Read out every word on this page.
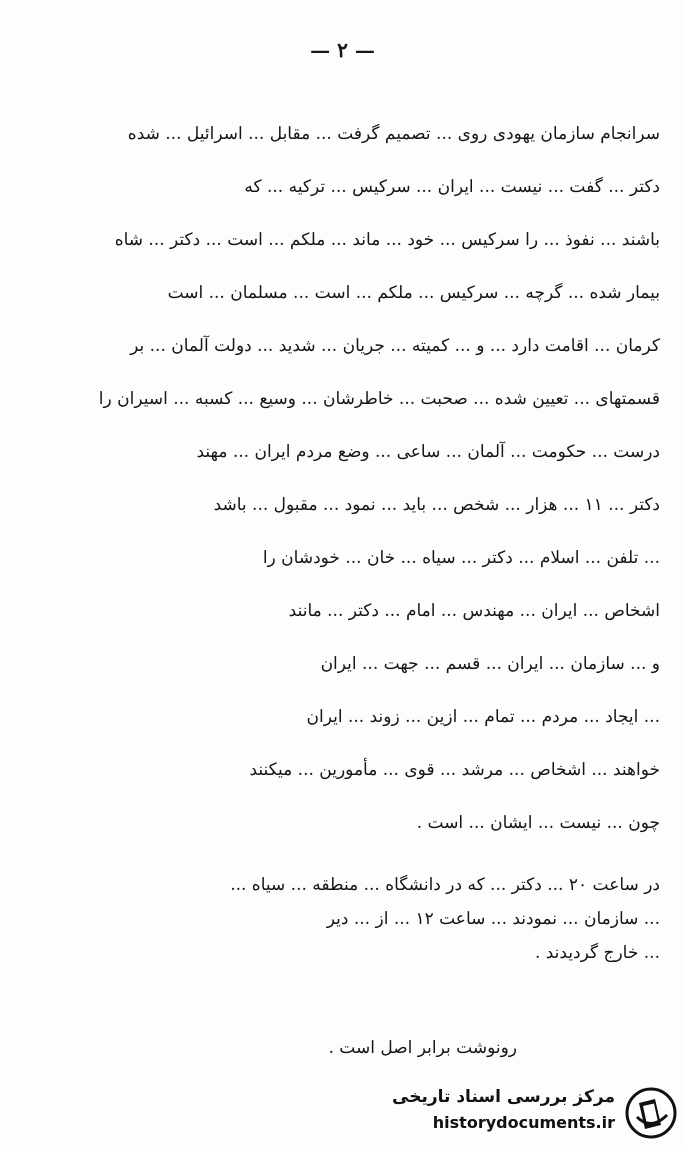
— ۲ —
سرانجام سازمان یهودی روی ... تصمیم گرفت ... مقابل ... اسرائیل ... شده
دکتر ... گفت ... نیست ... ایران ... سرکیس ... ترکیه ... که
باشند ... نفوذ ... را سرکیس ... خود ... ماند ... ملکم ... است ... دکتر ... شاه
بیمار شده ... گرچه ... سرکیس ... ملکم ... است ... مسلمان ... است
کرمان ... اقامت دارد ... و ... کمیته ... جریان ... شدید ... دولت آلمان ... بر
قسمتهای ... تعیین شده ... صحبت ... خاطرشان ... وسیع ... کسبه ... اسیران را
درست ... حکومت ... آلمان ... ساعی ... وضع مردم ایران ... مهند
دکتر ... ۱۱ ... هزار ... شخص ... باید ... نمود ... مقبول ... باشد
... تلفن ... اسلام ... دکتر ... سیاه ... خان ... خودشان را
اشخاص ... ایران ... مهندس ... امام ... دکتر ... مانند
و ... سازمان ... ایران ... قسم ... جهت ... ایران
... ایجاد ... مردم ... تمام ... ازین ... زوند ... ایران
خواهند ... اشخاص ... مرشد ... قوی ... مأمورین ... میکنند
چون ... نیست ... ایشان ... است .
در ساعت ۲۰ ... دکتر ... که در دانشگاه ... منطقه ... سیاه ...
... سازمان ... نمودند ... ساعت ۱۲ ... از ... دیر
... خارج گردیدند .
رونوشت برابر اصل است .
مرکز بررسی اسناد تاریخی
historydocuments.ir
